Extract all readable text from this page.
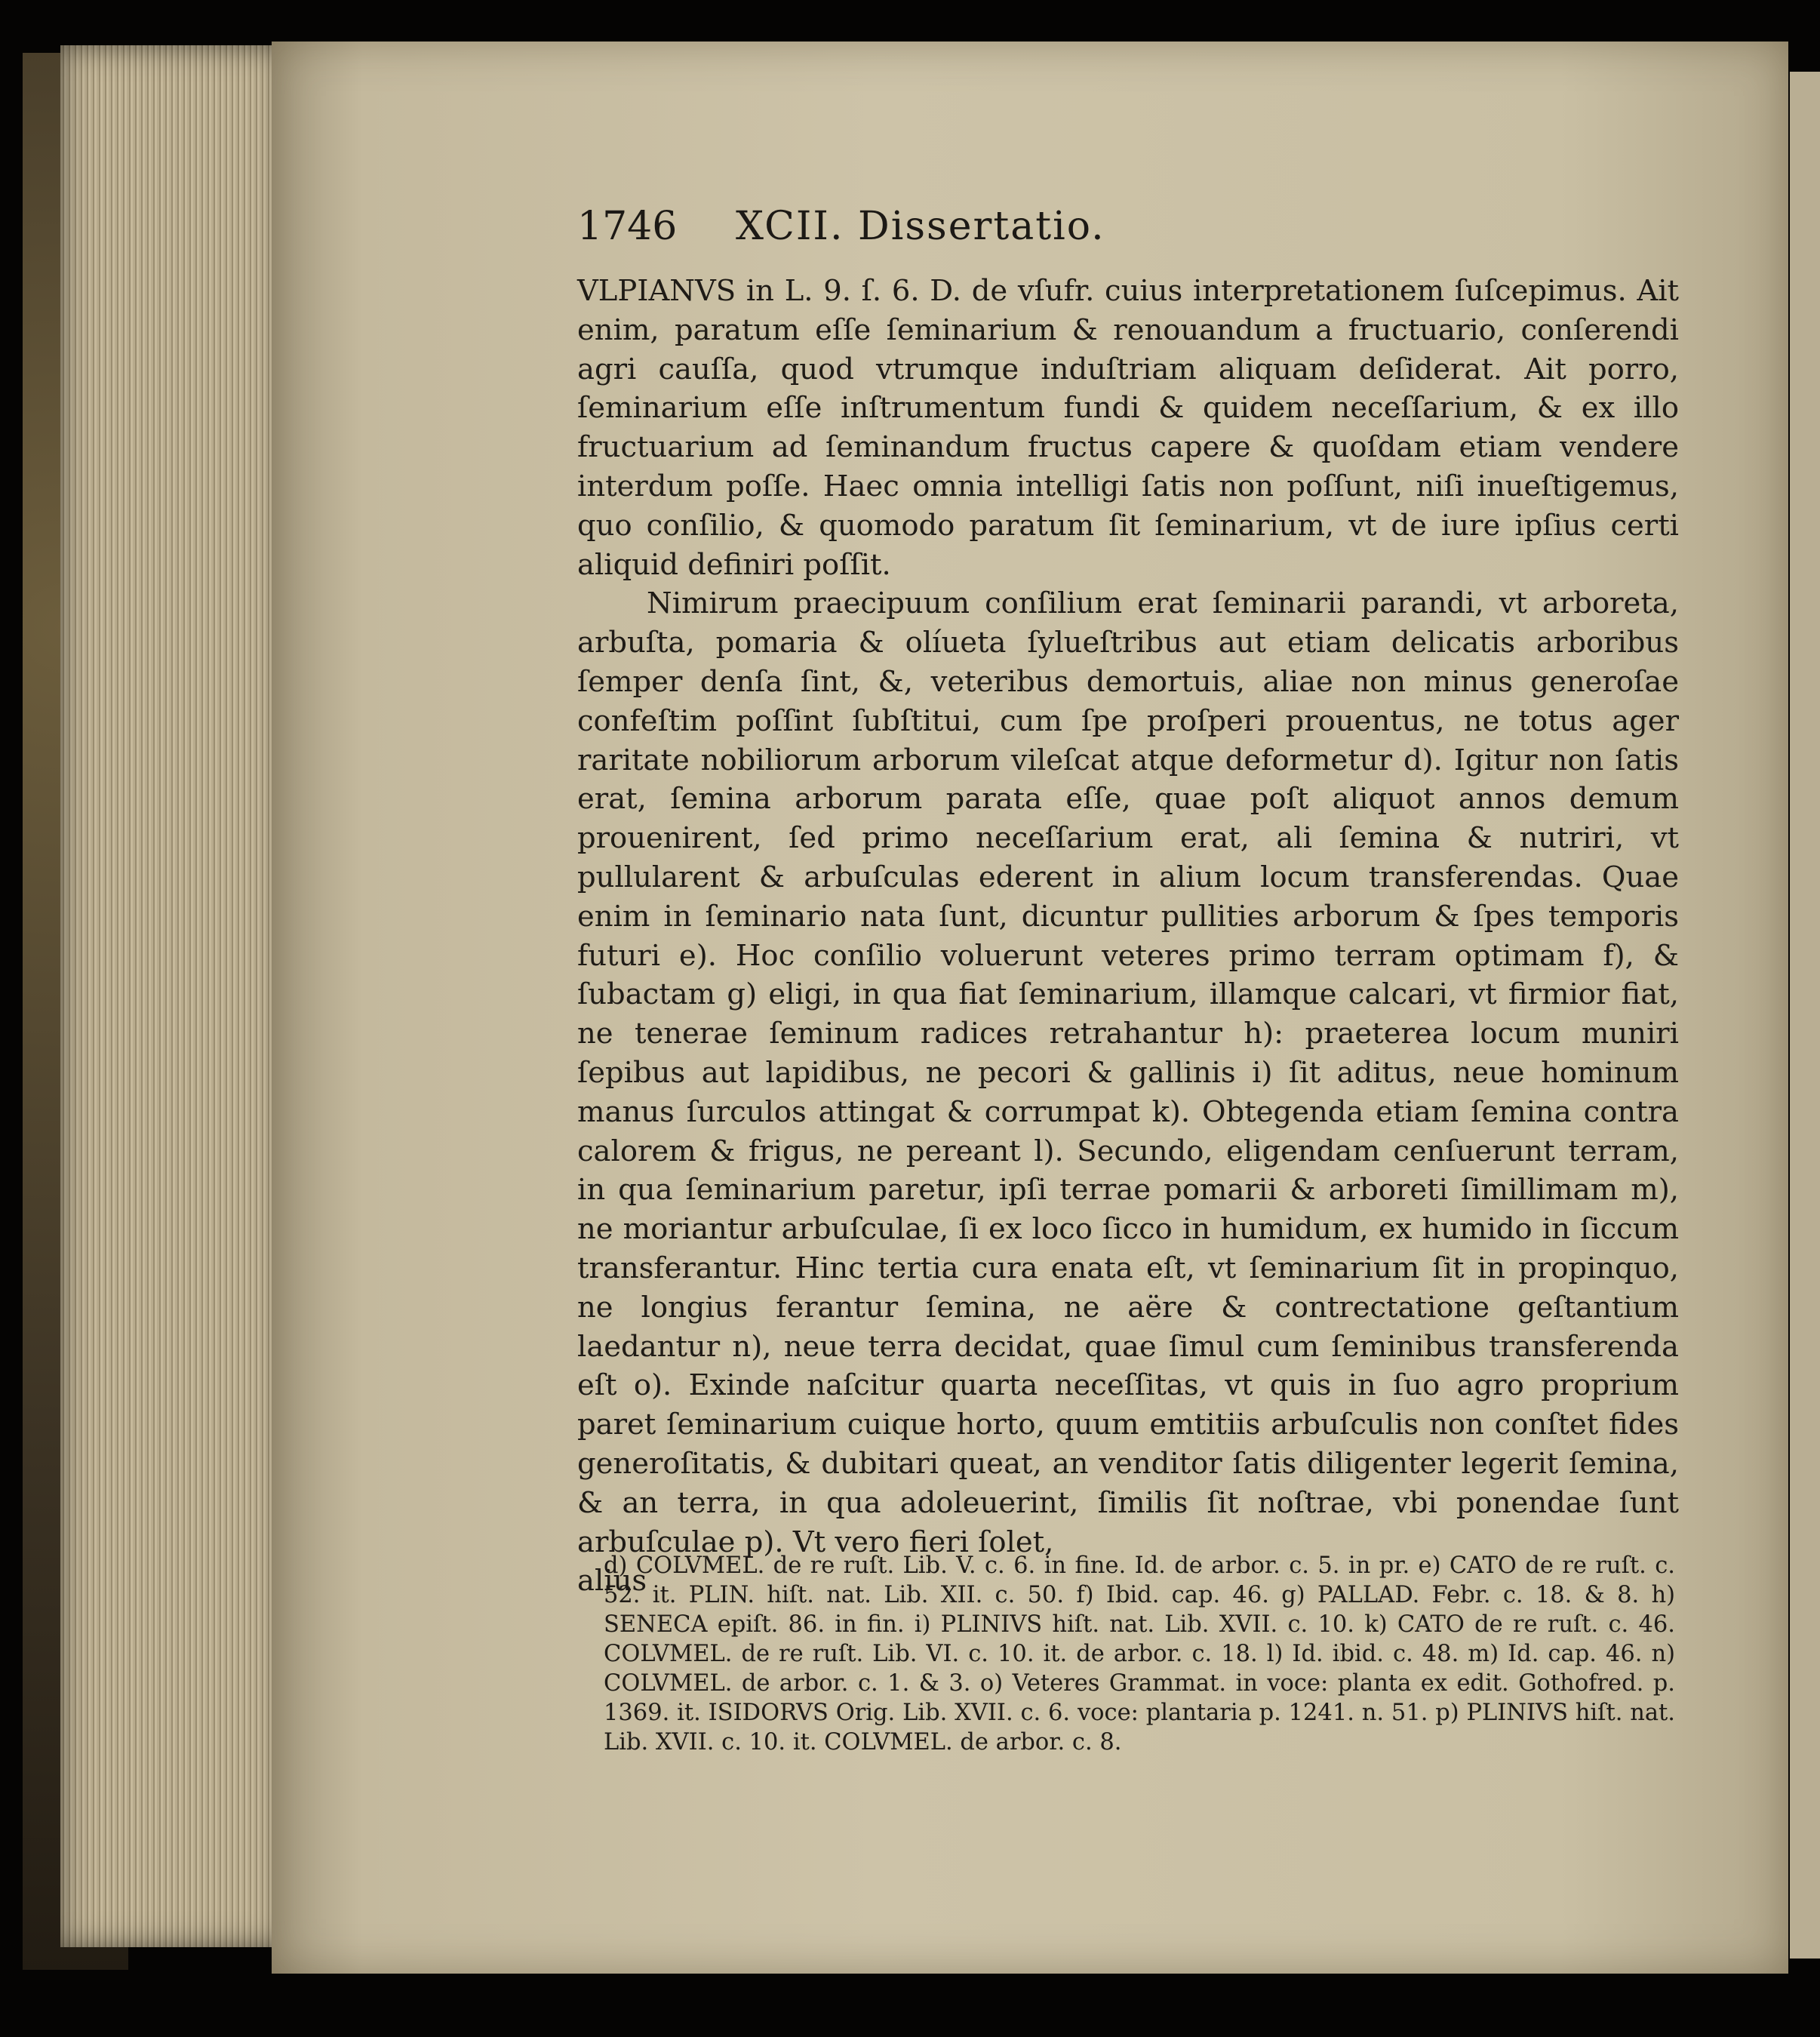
1746 XCII. Dissertatio.

VLPIANVS in L. 9. ſ. 6. D. de vſufr. cuius interpretationem ſuſcepimus. Ait enim, paratum eſſe ſeminarium & renouandum a fructuario, conſerendi agri cauſſa, quod vtrumque induſtriam aliquam deſiderat. Ait porro, ſeminarium eſſe inſtrumentum fundi & quidem neceſſarium, & ex illo fructuarium ad ſeminandum fructus capere & quoſdam etiam vendere interdum poſſe. Haec omnia intelligi ſatis non poſſunt, niſi inueſtigemus, quo conſilio, & quomodo paratum ſit ſeminarium, vt de iure ipſius certi aliquid definiri poſſit.

Nimirum praecipuum conſilium erat ſeminarii parandi, vt arboreta, arbuſta, pomaria & olíueta ſylueſtribus aut etiam delicatis arboribus ſemper denſa ſint, &, veteribus demortuis, aliae non minus generoſae confeſtim poſſint ſubſtitui, cum ſpe proſperi prouentus, ne totus ager raritate nobiliorum arborum vileſcat atque deformetur d). Igitur non ſatis erat, ſemina arborum parata eſſe, quae poſt aliquot annos demum prouenirent, ſed primo neceſſarium erat, ali ſemina & nutriri, vt pullularent & arbuſculas ederent in alium locum transferendas. Quae enim in ſeminario nata ſunt, dicuntur pullities arborum & ſpes temporis futuri e). Hoc conſilio voluerunt veteres primo terram optimam f), & ſubactam g) eligi, in qua fiat ſeminarium, illamque calcari, vt firmior fiat, ne tenerae ſeminum radices retrahantur h): praeterea locum muniri ſepibus aut lapidibus, ne pecori & gallinis i) ſit aditus, neue hominum manus ſurculos attingat & corrumpat k). Obtegenda etiam ſemina contra calorem & frigus, ne pereant l). Secundo, eligendam cenſuerunt terram, in qua ſeminarium paretur, ipſi terrae pomarii & arboreti ſimillimam m), ne moriantur arbuſculae, ſi ex loco ſicco in humidum, ex humido in ſiccum transferantur. Hinc tertia cura enata eſt, vt ſeminarium ſit in propinquo, ne longius ferantur ſemina, ne aëre & contrectatione geſtantium laedantur n), neue terra decidat, quae ſimul cum ſeminibus transferenda eſt o). Exinde naſcitur quarta neceſſitas, vt quis in ſuo agro proprium paret ſeminarium cuique horto, quum emtitiis arbuſculis non conſtet fides generoſitatis, & dubitari queat, an venditor ſatis diligenter legerit ſemina, & an terra, in qua adoleuerint, ſimilis ſit noſtrae, vbi ponendae ſunt arbuſculae p). Vt vero fieri ſolet,

alius

d) COLVMEL. de re ruſt. Lib. V. c. 6. in fine. Id. de arbor. c. 5. in pr. e) CATO de re ruſt. c. 52. it. PLIN. hiſt. nat. Lib. XII. c. 50. f) Ibid. cap. 46. g) PALLAD. Febr. c. 18. & 8. h) SENECA epiſt. 86. in fin. i) PLINIVS hiſt. nat. Lib. XVII. c. 10. k) CATO de re ruſt. c. 46. COLVMEL. de re ruſt. Lib. VI. c. 10. it. de arbor. c. 18. l) Id. ibid. c. 48. m) Id. cap. 46. n) COLVMEL. de arbor. c. 1. & 3. o) Veteres Grammat. in voce: planta ex edit. Gothofred. p. 1369. it. ISIDORVS Orig. Lib. XVII. c. 6. voce: plantaria p. 1241. n. 51. p) PLINIVS hiſt. nat. Lib. XVII. c. 10. it. COLVMEL. de arbor. c. 8.
